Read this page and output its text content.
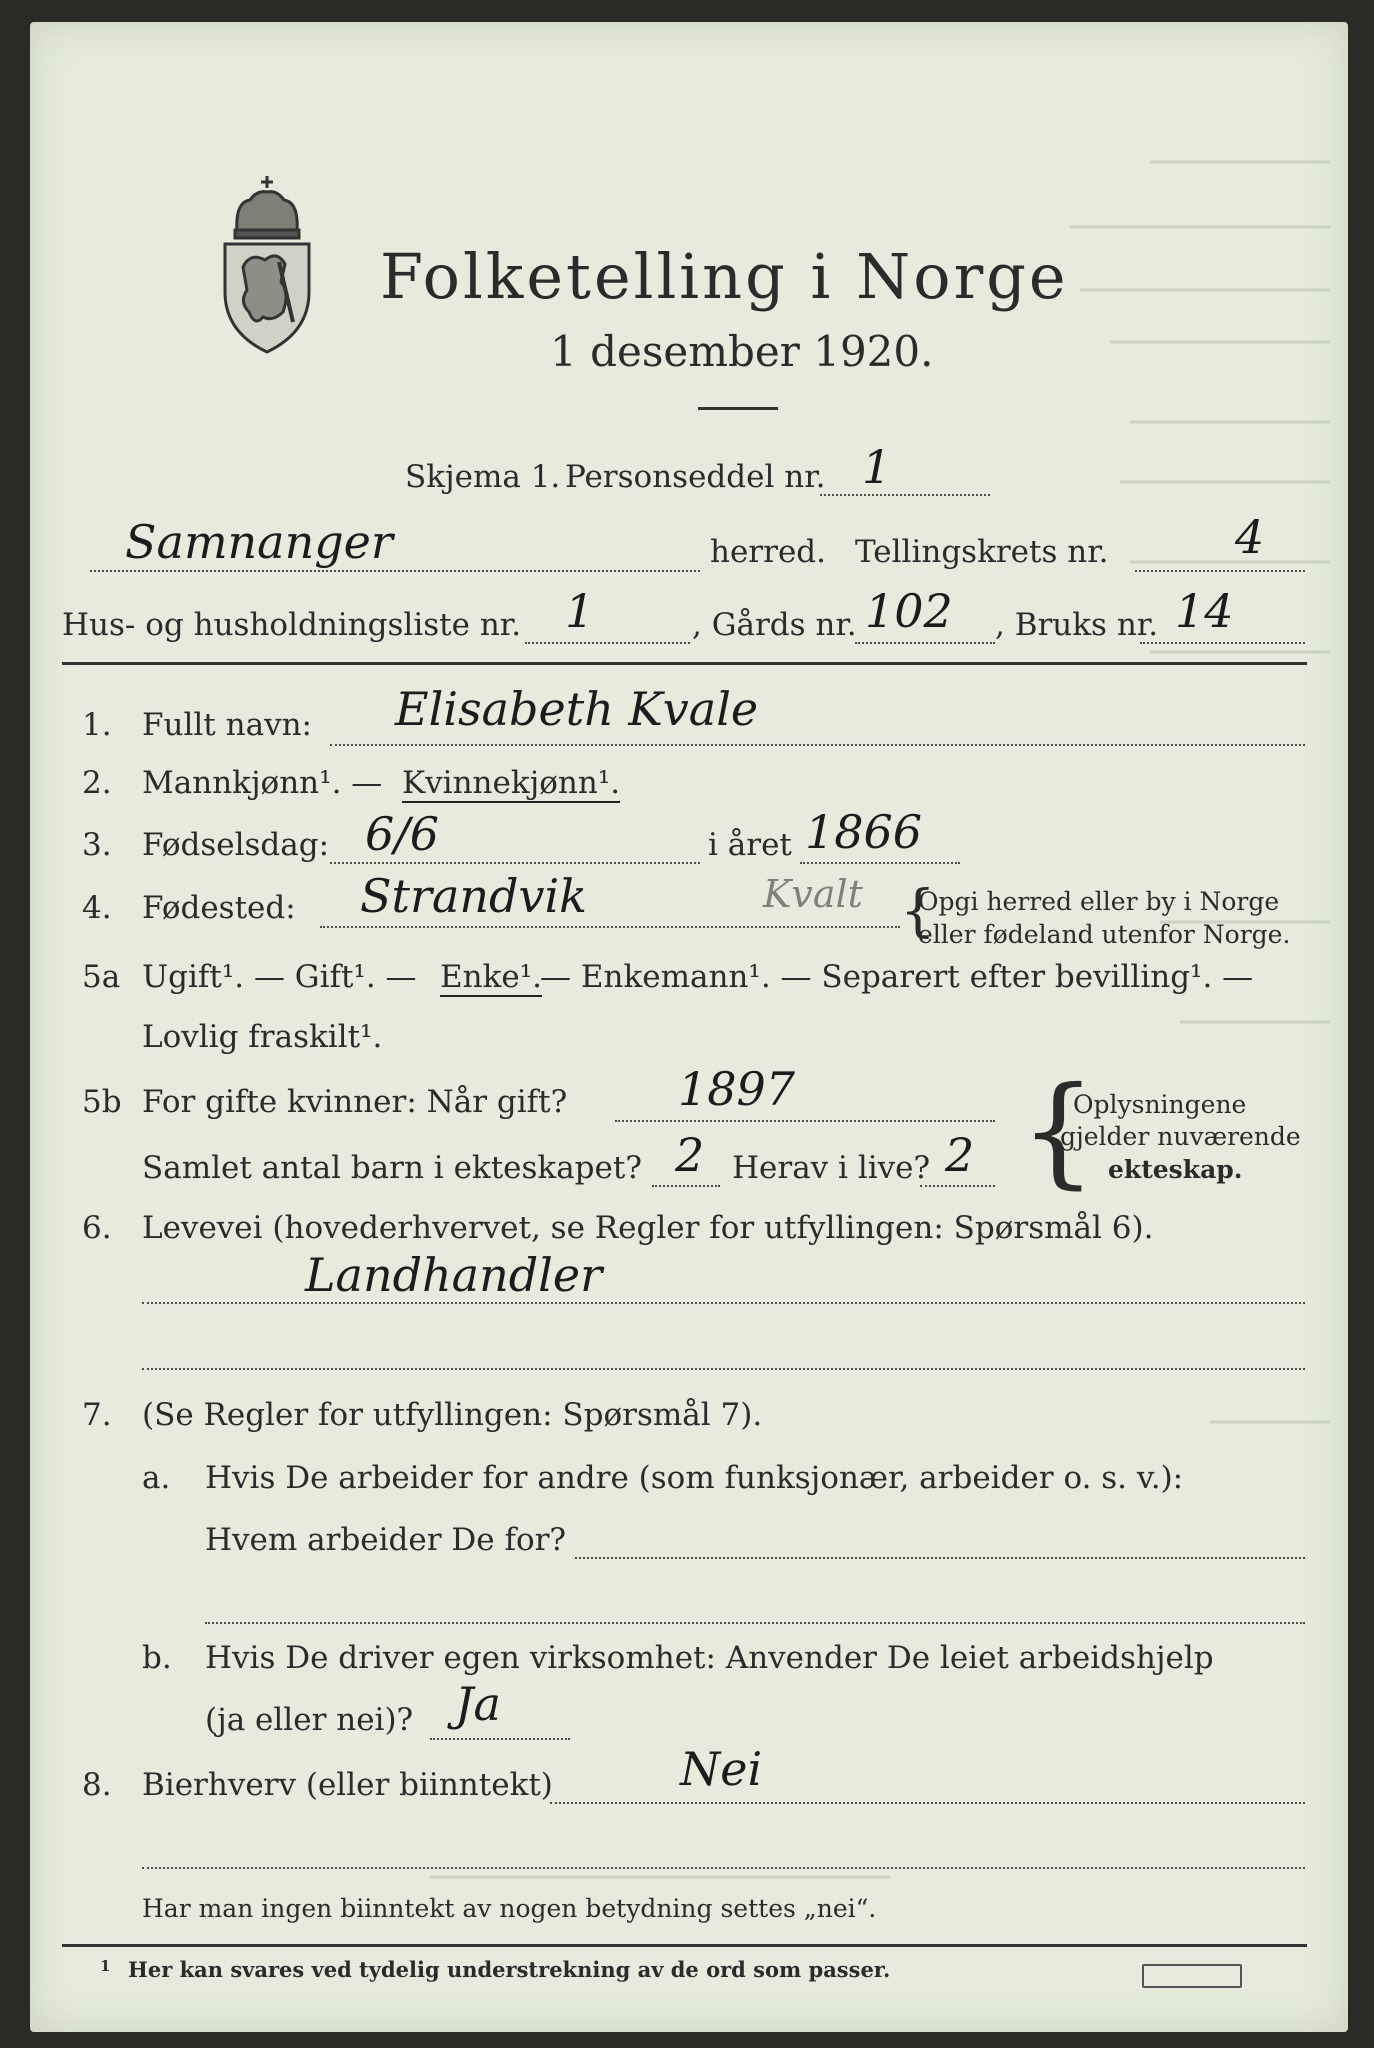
Folketelling i Norge
1 desember 1920.
Skjema 1. Personseddel nr. 1
Samnanger	herred. Tellingskrets nr.	4
Hus- og husholdningsliste nr. 1	, Gårds nr. 102 , Bruks nr. 14
1. Fullt navn: Elisabeth Kvale
2. Mannkjønn¹. — Kvinnekjønn¹.
3. Fødselsdag: 6/6	i året 1866
4. Fødested: Strandvik	Kvalt {
Opgi herred eller by i Norge
eller fødeland utenfor Norge.
5a Ugift¹. — Gift¹. — Enke¹.
— Enkemann¹. — Separert efter bevilling¹. —
Lovlig fraskilt¹.
5b For gifte kvinner: Når gift? 1897
Samlet antal barn i ekteskapet? 2 Herav i live? 2 {
Oplysningene
gjelder nuværende
ekteskap.
6. Levevei (hovederhvervet, se Regler for utfyllingen: Spørsmål 6).
Landhandler
7. (Se Regler for utfyllingen: Spørsmål 7).
a. Hvis De arbeider for andre (som funksjonær, arbeider o. s. v.):
Hvem arbeider De for?
b. Hvis De driver egen virksomhet: Anvender De leiet arbeidshjelp
(ja eller nei)? Ja
8. Bierhverv (eller biinntekt)	Nei
Har man ingen biinntekt av nogen betydning settes „nei“.
1 Her kan svares ved tydelig understrekning av de ord som passer.
